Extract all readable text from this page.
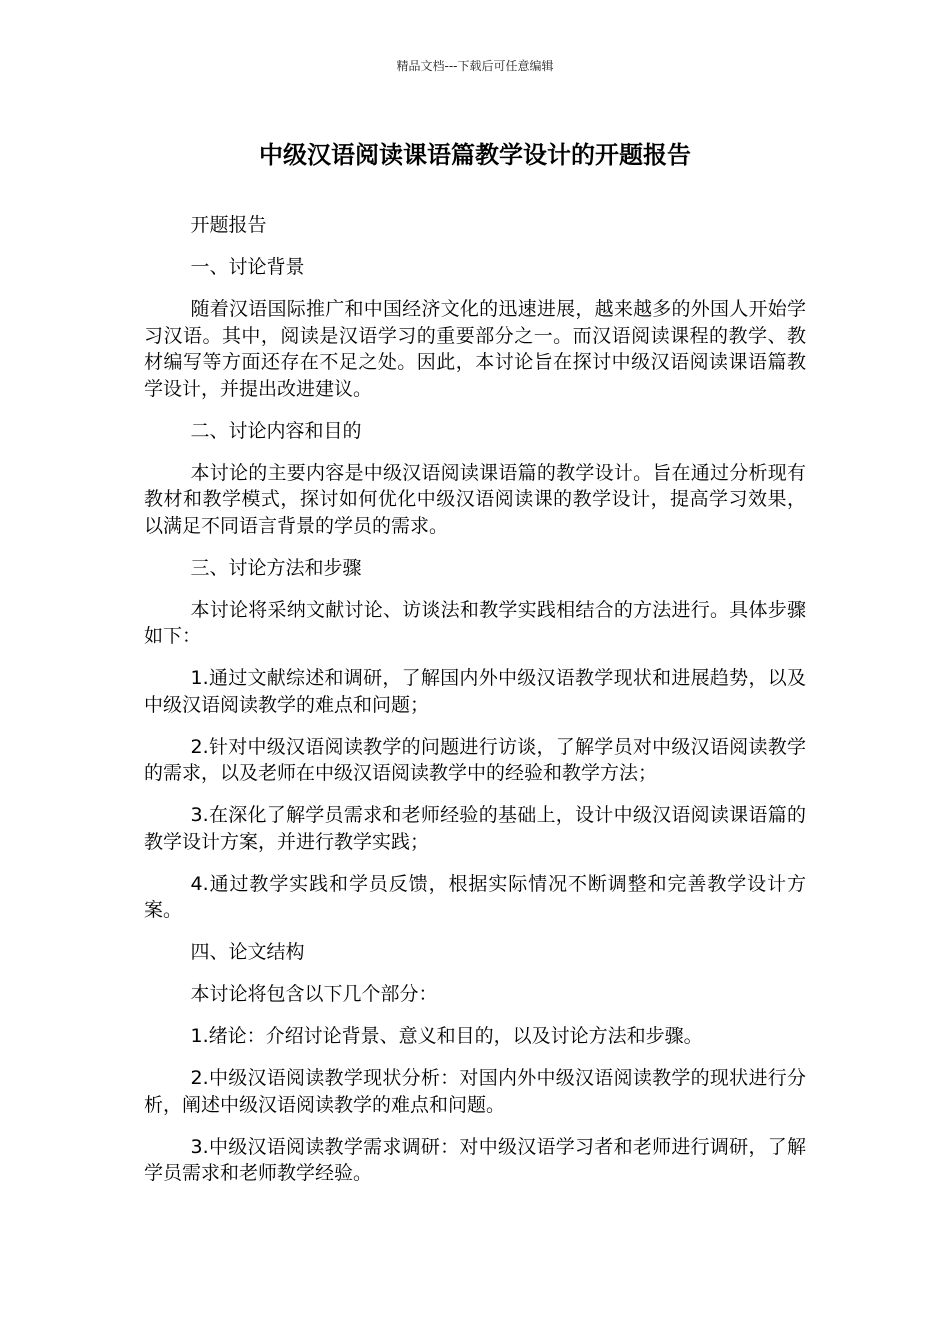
精品文档---下载后可任意编辑
中级汉语阅读课语篇教学设计的开题报告

开题报告

一、讨论背景

随着汉语国际推广和中国经济文化的迅速进展，越来越多的外国人开始学习汉语。其中，阅读是汉语学习的重要部分之一。而汉语阅读课程的教学、教材编写等方面还存在不足之处。因此，本讨论旨在探讨中级汉语阅读课语篇教学设计，并提出改进建议。

二、讨论内容和目的

本讨论的主要内容是中级汉语阅读课语篇的教学设计。旨在通过分析现有教材和教学模式，探讨如何优化中级汉语阅读课的教学设计，提高学习效果，以满足不同语言背景的学员的需求。

三、讨论方法和步骤

本讨论将采纳文献讨论、访谈法和教学实践相结合的方法进行。具体步骤如下：

1.通过文献综述和调研，了解国内外中级汉语教学现状和进展趋势，以及中级汉语阅读教学的难点和问题；

2.针对中级汉语阅读教学的问题进行访谈，了解学员对中级汉语阅读教学的需求，以及老师在中级汉语阅读教学中的经验和教学方法；

3.在深化了解学员需求和老师经验的基础上，设计中级汉语阅读课语篇的教学设计方案，并进行教学实践；

4.通过教学实践和学员反馈，根据实际情况不断调整和完善教学设计方案。

四、论文结构

本讨论将包含以下几个部分：

1.绪论：介绍讨论背景、意义和目的，以及讨论方法和步骤。

2.中级汉语阅读教学现状分析：对国内外中级汉语阅读教学的现状进行分析，阐述中级汉语阅读教学的难点和问题。

3.中级汉语阅读教学需求调研：对中级汉语学习者和老师进行调研，了解学员需求和老师教学经验。
